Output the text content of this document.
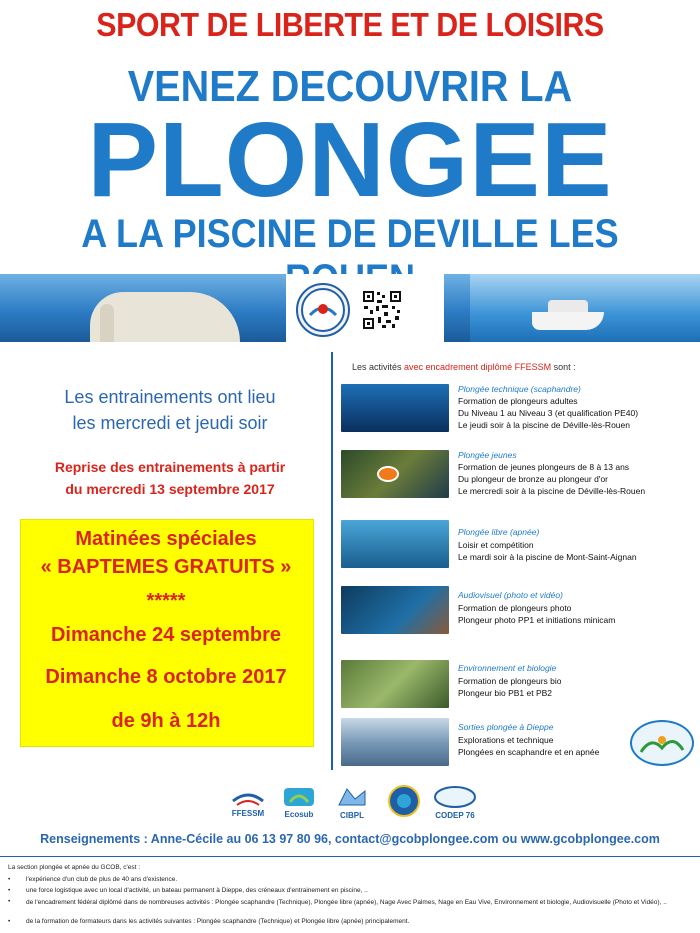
SPORT DE LIBERTE ET DE LOISIRS
VENEZ DECOUVRIR LA
PLONGEE
A LA PISCINE DE DEVILLE LES
Les entrainements ont lieu
les mercredi et jeudi soir
Reprise des entrainements à partir
du mercredi 13 septembre 2017
Matinées spéciales
« BAPTEMES GRATUITS »
*****
Dimanche 24 septembre
Dimanche 8 octobre 2017
de 9h à 12h
Les activités avec encadrement diplômé FFESSM sont :
Plongée technique (scaphandre)
Formation de plongeurs adultes
Du Niveau 1 au Niveau 3 (et qualification PE40)
Le jeudi soir à la piscine de Déville-lès-Rouen
Plongée jeunes
Formation de jeunes plongeurs de 8 à 13 ans
Du plongeur de bronze au plongeur d'or
Le mercredi soir à la piscine de Déville-lès-Rouen
Plongée libre (apnée)
Loisir et compétition
Le mardi soir à la piscine de Mont-Saint-Aignan
Audiovisuel (photo et vidéo)
Formation de plongeurs photo
Plongeur photo PP1 et initiations minicam
Environnement et biologie
Formation de plongeurs bio
Plongeur bio PB1 et PB2
Sorties plongée à Dieppe
Explorations et technique
Plongées en scaphandre et en apnée
FFESSM	Ecosub	CIBPL	CODEP 76
Renseignements : Anne-Cécile au 06 13 97 80 96, contact@gcobplongee.com ou www.gcobplongee.com
La section plongée et apnée du GCOB, c'est :
• l'expérience d'un club de plus de 40 ans d'existence.
• une force logistique avec un local d'activité, un bateau permanent à Dieppe, des créneaux d'entrainement en piscine, ..
• de l'encadrement fédéral diplômé dans de nombreuses activités : Plongée scaphandre (Technique), Plongée libre (apnée), Nage Avec Palmes, Nage en Eau Vive, Environnement et biologie, Audiovisuelle (Photo et Vidéo), ..
• de la formation de formateurs dans les activités suivantes : Plongée scaphandre (Technique) et Plongée libre (apnée) principalement.
